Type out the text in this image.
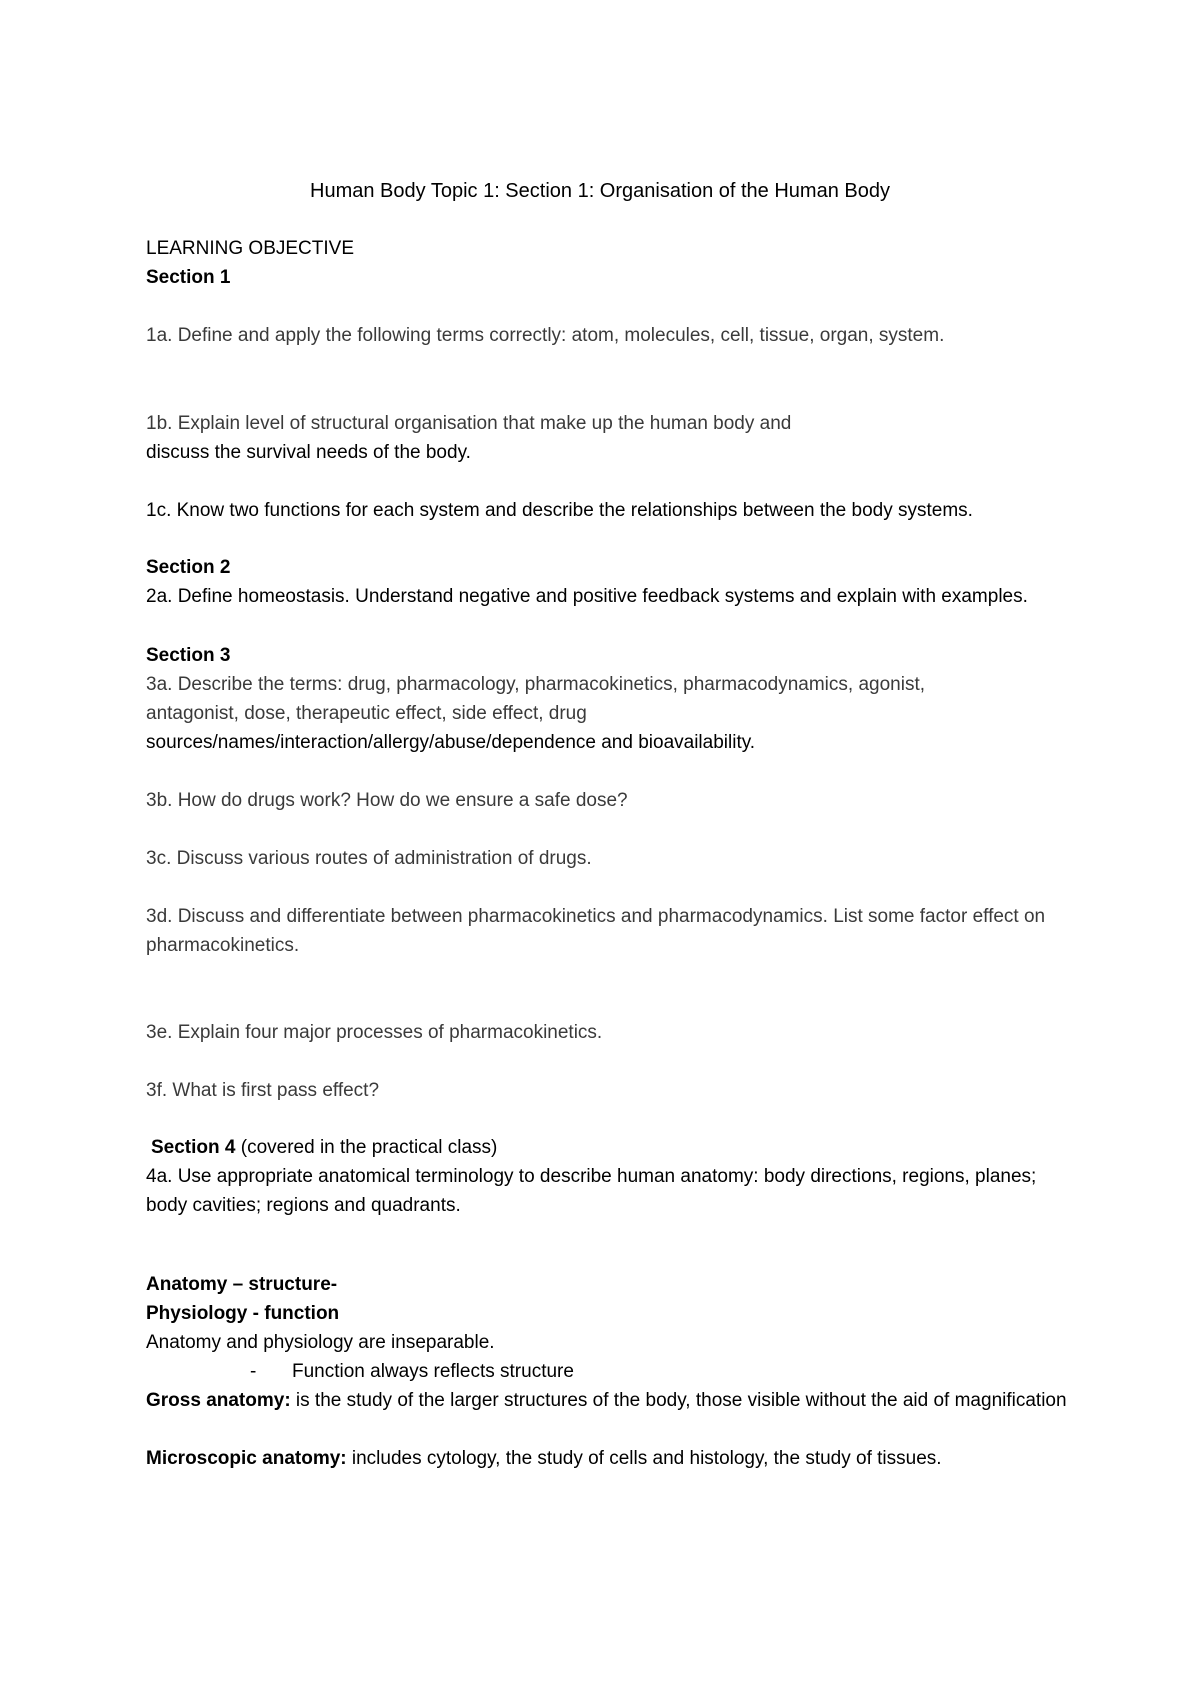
Human Body Topic 1: Section 1: Organisation of the Human Body
LEARNING OBJECTIVE
Section 1
1a. Define and apply the following terms correctly: atom, molecules, cell, tissue, organ, system.
1b. Explain level of structural organisation that make up the human body and
discuss the survival needs of the body.
1c. Know two functions for each system and describe the relationships between the body systems.
Section 2
2a. Define homeostasis. Understand negative and positive feedback systems and explain with examples.
Section 3
3a. Describe the terms: drug, pharmacology, pharmacokinetics, pharmacodynamics, agonist,
antagonist, dose, therapeutic effect, side effect, drug
sources/names/interaction/allergy/abuse/dependence and bioavailability.
3b. How do drugs work? How do we ensure a safe dose?
3c. Discuss various routes of administration of drugs.
3d. Discuss and differentiate between pharmacokinetics and pharmacodynamics. List some factor effect on pharmacokinetics.
3e. Explain four major processes of pharmacokinetics.
3f. What is first pass effect?
Section 4 (covered in the practical class)
4a. Use appropriate anatomical terminology to describe human anatomy: body directions, regions, planes; body cavities; regions and quadrants.
Anatomy – structure-
Physiology - function
Anatomy and physiology are inseparable.
- Function always reflects structure
Gross anatomy: is the study of the larger structures of the body, those visible without the aid of magnification
Microscopic anatomy: includes cytology, the study of cells and histology, the study of tissues.
